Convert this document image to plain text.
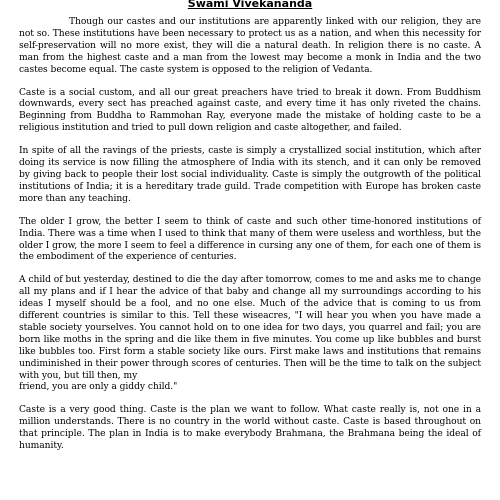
Swami Vivekananda

Though our castes and our institutions are apparently linked with our religion, they are not so. These institutions have been necessary to protect us as a nation, and when this necessity for self-preservation will no more exist, they will die a natural death. In religion there is no caste. A man from the highest caste and a man from the lowest may become a monk in India and the two castes become equal. The caste system is opposed to the religion of Vedanta.

Caste is a social custom, and all our great preachers have tried to break it down. From Buddhism downwards, every sect has preached against caste, and every time it has only riveted the chains. Beginning from Buddha to Rammohan Ray, everyone made the mistake of holding caste to be a religious institution and tried to pull down religion and caste altogether, and failed.

In spite of all the ravings of the priests, caste is simply a crystallized social institution, which after doing its service is now filling the atmosphere of India with its stench, and it can only be removed by giving back to people their lost social individuality. Caste is simply the outgrowth of the political institutions of India; it is a hereditary trade guild. Trade competition with Europe has broken caste more than any teaching.

The older I grow, the better I seem to think of caste and such other time-honored institutions of India. There was a time when I used to think that many of them were useless and worthless, but the older I grow, the more I seem to feel a difference in cursing any one of them, for each one of them is the embodiment of the experience of centuries.

A child of but yesterday, destined to die the day after tomorrow, comes to me and asks me to change all my plans and if I hear the advice of that baby and change all my surroundings according to his ideas I myself should be a fool, and no one else. Much of the advice that is coming to us from different countries is similar to this. Tell these wiseacres, "I will hear you when you have made a stable society yourselves. You cannot hold on to one idea for two days, you quarrel and fail; you are born like moths in the spring and die like them in five minutes. You come up like bubbles and burst like bubbles too. First form a stable society like ours. First make laws and institutions that remains undiminished in their power through scores of centuries. Then will be the time to talk on the subject with you, but till then, my
friend, you are only a giddy child."

Caste is a very good thing. Caste is the plan we want to follow. What caste really is, not one in a million understands. There is no country in the world without caste. Caste is based throughout on that principle. The plan in India is to make everybody Brahmana, the Brahmana being the ideal of humanity.
